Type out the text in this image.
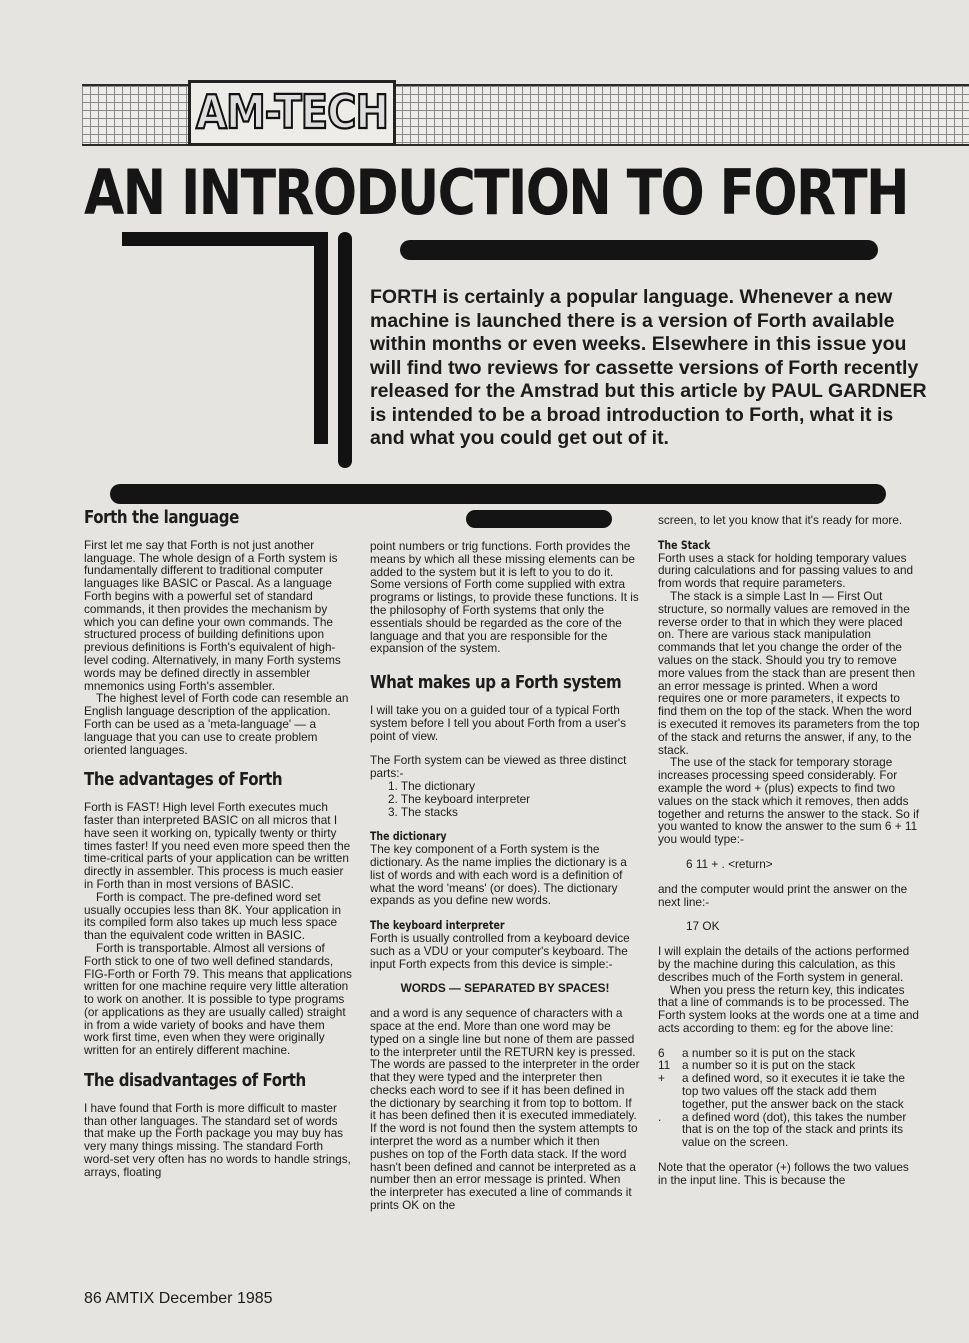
AM-TECH
AN INTRODUCTION TO FORTH
FORTH is certainly a popular language. Whenever a new machine is launched there is a version of Forth available within months or even weeks. Elsewhere in this issue you will find two reviews for cassette versions of Forth recently released for the Amstrad but this article by PAUL GARDNER is intended to be a broad introduction to Forth, what it is and what you could get out of it.
Forth the language

First let me say that Forth is not just another language. The whole design of a Forth system is fundamentally different to traditional computer languages like BASIC or Pascal. As a language Forth begins with a powerful set of standard commands, it then provides the mechanism by which you can define your own commands. The structured process of building definitions upon previous definitions is Forth's equivalent of high-level coding. Alternatively, in many Forth systems words may be defined directly in assembler mnemonics using Forth's assembler.

The highest level of Forth code can resemble an English language description of the application. Forth can be used as a 'meta-language' — a language that you can use to create problem oriented languages.

The advantages of Forth

Forth is FAST! High level Forth executes much faster than interpreted BASIC on all micros that I have seen it working on, typically twenty or thirty times faster! If you need even more speed then the time-critical parts of your application can be written directly in assembler. This process is much easier in Forth than in most versions of BASIC.

Forth is compact. The pre-defined word set usually occupies less than 8K. Your application in its compiled form also takes up much less space than the equivalent code written in BASIC.

Forth is transportable. Almost all versions of Forth stick to one of two well defined standards, FIG-Forth or Forth 79. This means that applications written for one machine require very little alteration to work on another. It is possible to type programs (or applications as they are usually called) straight in from a wide variety of books and have them work first time, even when they were originally written for an entirely different machine.

The disadvantages of Forth

I have found that Forth is more difficult to master than other languages. The standard set of words that make up the Forth package you may buy has very many things missing. The standard Forth word-set very often has no words to handle strings, arrays, floating

point numbers or trig functions. Forth provides the means by which all these missing elements can be added to the system but it is left to you to do it. Some versions of Forth come supplied with extra programs or listings, to provide these functions. It is the philosophy of Forth systems that only the essentials should be regarded as the core of the language and that you are responsible for the expansion of the system.

What makes up a Forth system

I will take you on a guided tour of a typical Forth system before I tell you about Forth from a user's point of view.

The Forth system can be viewed as three distinct parts:-

1. The dictionary
2. The keyboard interpreter
3. The stacks
The dictionary

The key component of a Forth system is the dictionary. As the name implies the dictionary is a list of words and with each word is a definition of what the word 'means' (or does). The dictionary expands as you define new words.

The keyboard interpreter

Forth is usually controlled from a keyboard device such as a VDU or your computer's keyboard. The input Forth expects from this device is simple:-

WORDS — SEPARATED BY SPACES!

and a word is any sequence of characters with a space at the end. More than one word may be typed on a single line but none of them are passed to the interpreter until the RETURN key is pressed. The words are passed to the interpreter in the order that they were typed and the interpreter then checks each word to see if it has been defined in the dictionary by searching it from top to bottom. If it has been defined then it is executed immediately. If the word is not found then the system attempts to interpret the word as a number which it then pushes on top of the Forth data stack. If the word hasn't been defined and cannot be interpreted as a number then an error message is printed. When the interpreter has executed a line of commands it prints OK on the

screen, to let you know that it's ready for more.

The Stack

Forth uses a stack for holding temporary values during calculations and for passing values to and from words that require parameters.

The stack is a simple Last In — First Out structure, so normally values are removed in the reverse order to that in which they were placed on. There are various stack manipulation commands that let you change the order of the values on the stack. Should you try to remove more values from the stack than are present then an error message is printed. When a word requires one or more parameters, it expects to find them on the top of the stack. When the word is executed it removes its parameters from the top of the stack and returns the answer, if any, to the stack.

The use of the stack for temporary storage increases processing speed considerably. For example the word + (plus) expects to find two values on the stack which it removes, then adds together and returns the answer to the stack. So if you wanted to know the answer to the sum 6 + 11 you would type:-

6 11 + . <return>

and the computer would print the answer on the next line:-

17 OK

I will explain the details of the actions performed by the machine during this calculation, as this describes much of the Forth system in general.

When you press the return key, this indicates that a line of commands is to be processed. The Forth system looks at the words one at a time and acts according to them: eg for the above line:

6	a number so it is put on the stack
11 a number so it is put on the stack
+	a defined word, so it executes it ie take the top two values off the stack add them together, put the answer back on the stack
.	a defined word (dot), this takes the number that is on the top of the stack and prints its value on the screen.

Note that the operator (+) follows the two values in the input line. This is because the

86 AMTIX December 1985
